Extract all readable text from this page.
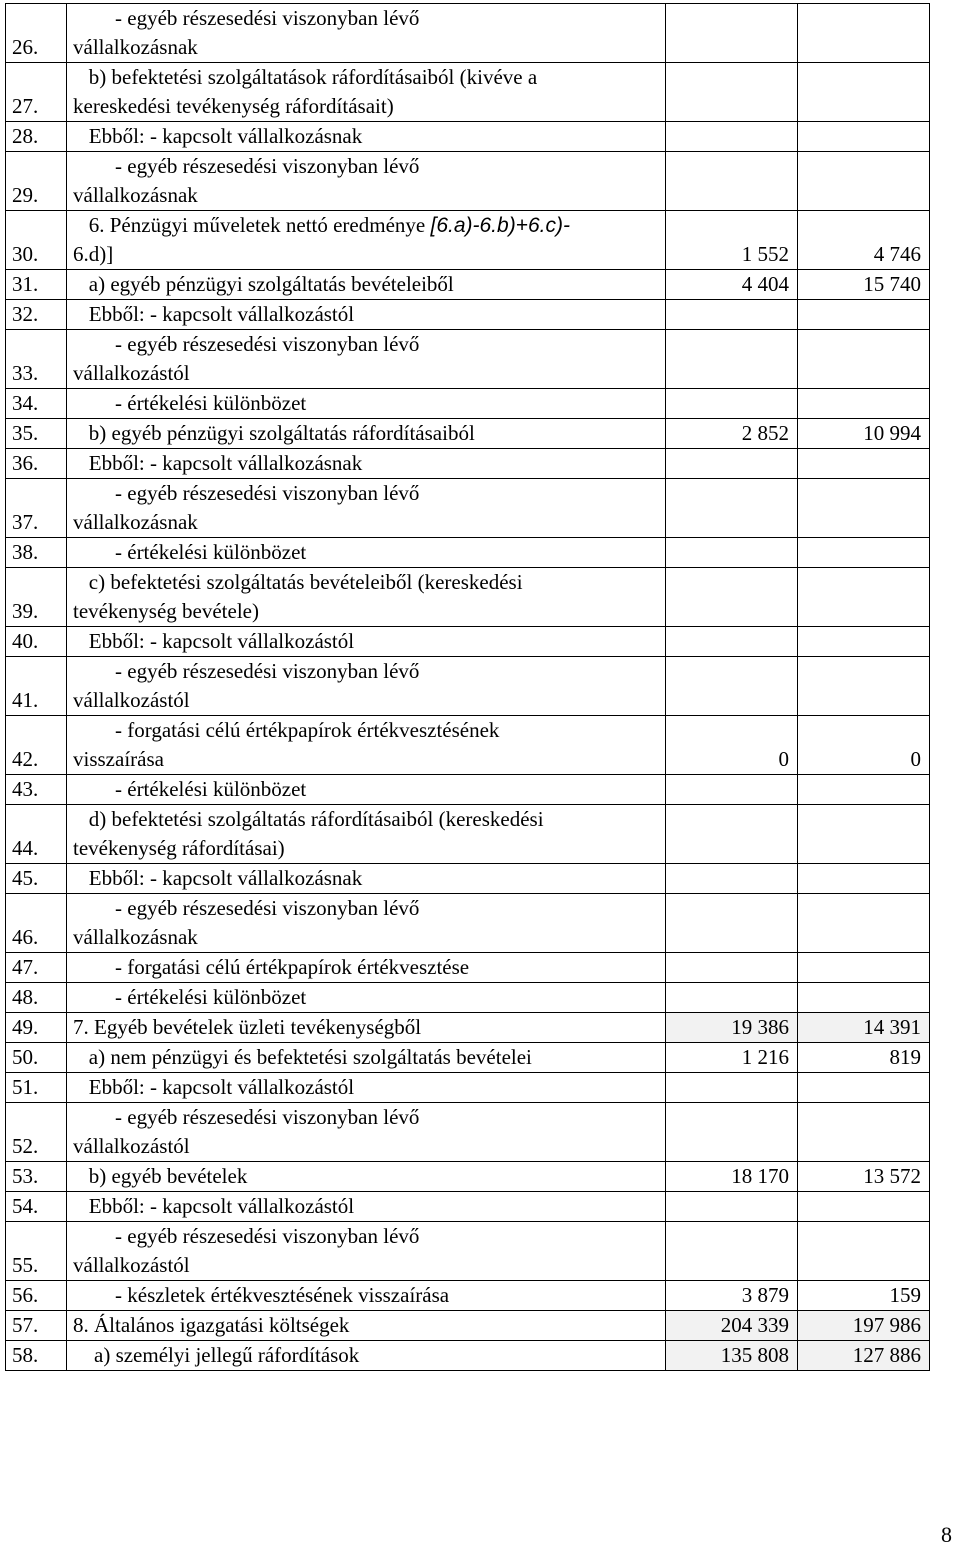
26.	- egyéb részesedési viszonyban lévő
vállalkozásnak		

27.	b) befektetési szolgáltatások ráfordításaiból (kivéve a
kereskedési tevékenység ráfordításait)		

28.	Ebből: - kapcsolt vállalkozásnak		

29.	- egyéb részesedési viszonyban lévő
vállalkozásnak		

30.	6. Pénzügyi műveletek nettó eredménye [6.a)-6.b)+6.c)-
6.d)]	1 552	4 746
31.	a) egyéb pénzügyi szolgáltatás bevételeiből	4 404	15 740
32.	Ebből: - kapcsolt vállalkozástól		

33.	- egyéb részesedési viszonyban lévő
vállalkozástól		

34.	- értékelési különbözet		

35.	b) egyéb pénzügyi szolgáltatás ráfordításaiból	2 852	10 994
36.	Ebből: - kapcsolt vállalkozásnak		

37.	- egyéb részesedési viszonyban lévő
vállalkozásnak		

38.	- értékelési különbözet		

39.	c) befektetési szolgáltatás bevételeiből (kereskedési
tevékenység bevétele)		

40.	Ebből: - kapcsolt vállalkozástól		

41.	- egyéb részesedési viszonyban lévő
vállalkozástól		

42.	- forgatási célú értékpapírok értékvesztésének
visszaírása	0	0
43.	- értékelési különbözet		

44.	d) befektetési szolgáltatás ráfordításaiból (kereskedési
tevékenység ráfordításai)		

45.	Ebből: - kapcsolt vállalkozásnak		

46.	- egyéb részesedési viszonyban lévő
vállalkozásnak		

47.	- forgatási célú értékpapírok értékvesztése		

48.	- értékelési különbözet		

49.	7. Egyéb bevételek üzleti tevékenységből	19 386	14 391
50.	a) nem pénzügyi és befektetési szolgáltatás bevételei	1 216	819
51.	Ebből: - kapcsolt vállalkozástól		

52.	- egyéb részesedési viszonyban lévő
vállalkozástól		

53.	b) egyéb bevételek	18 170	13 572
54.	Ebből: - kapcsolt vállalkozástól		

55.	- egyéb részesedési viszonyban lévő
vállalkozástól		

56.	- készletek értékvesztésének visszaírása	3 879	159
57.	8. Általános igazgatási költségek	204 339	197 986
58.	a) személyi jellegű ráfordítások	135 808	127 886
8
